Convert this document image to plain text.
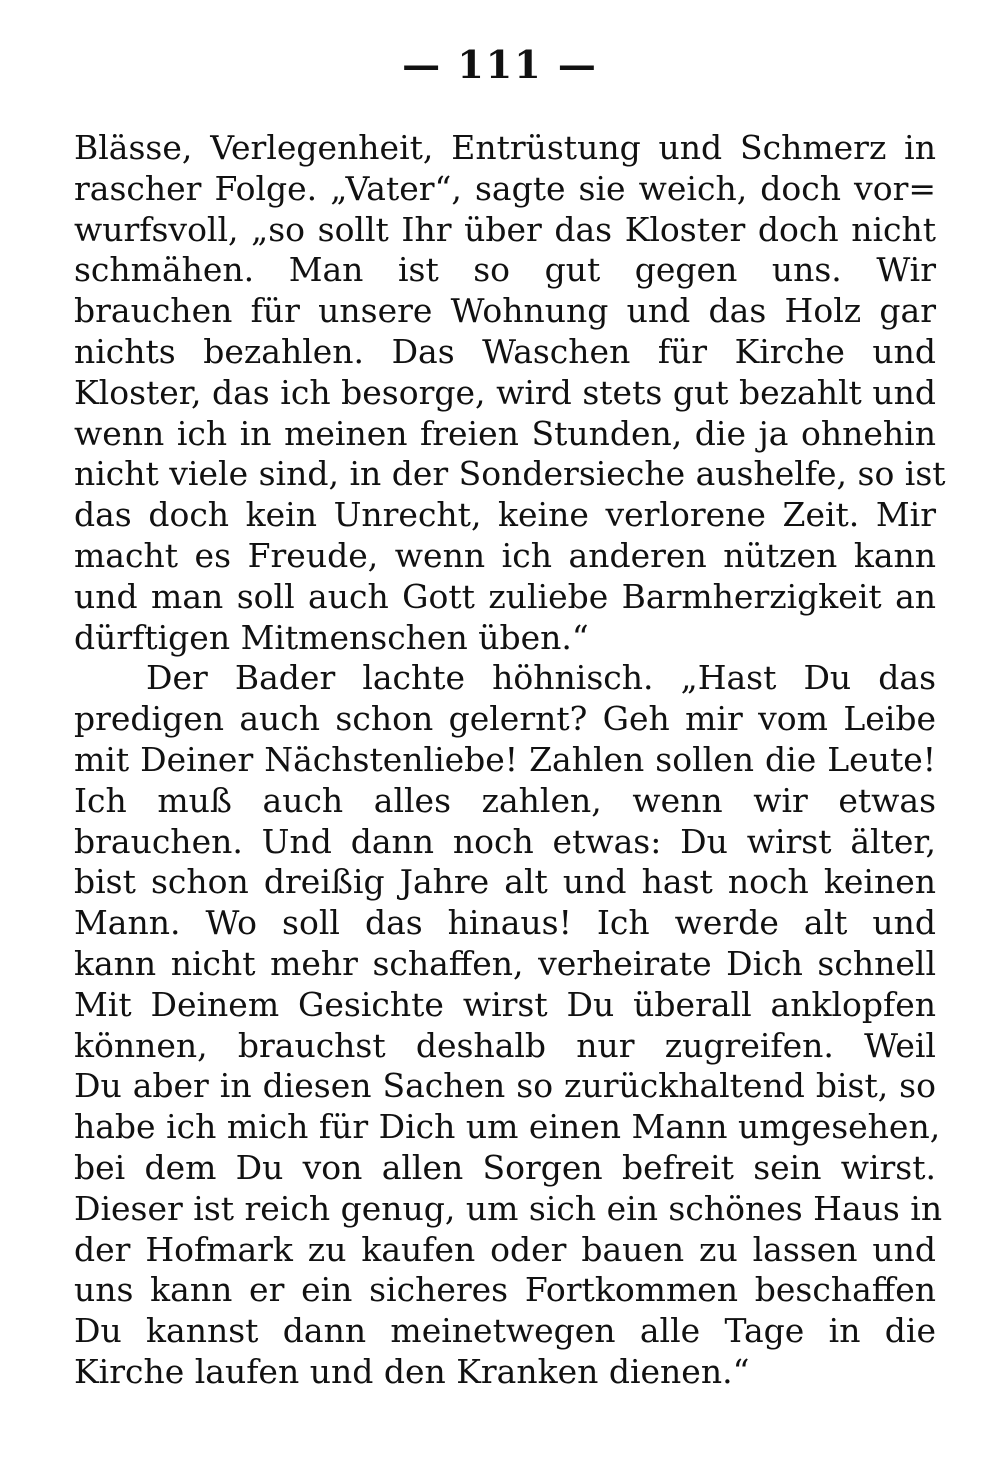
— 111 —
Blässe, Verlegenheit, Entrüstung und Schmerz in
rascher Folge. „Vater“, sagte sie weich, doch vor=
wurfsvoll, „so sollt Ihr über das Kloster doch nicht
schmähen. Man ist so gut gegen uns. Wir
brauchen für unsere Wohnung und das Holz gar
nichts bezahlen. Das Waschen für Kirche und
Kloster, das ich besorge, wird stets gut bezahlt und
wenn ich in meinen freien Stunden, die ja ohnehin
nicht viele sind, in der Sondersieche aushelfe, so ist
das doch kein Unrecht, keine verlorene Zeit. Mir
macht es Freude, wenn ich anderen nützen kann
und man soll auch Gott zuliebe Barmherzigkeit an
dürftigen Mitmenschen üben.“
Der Bader lachte höhnisch. „Hast Du das
predigen auch schon gelernt? Geh mir vom Leibe
mit Deiner Nächstenliebe! Zahlen sollen die Leute!
Ich muß auch alles zahlen, wenn wir etwas
brauchen. Und dann noch etwas: Du wirst älter,
bist schon dreißig Jahre alt und hast noch keinen
Mann. Wo soll das hinaus! Ich werde alt und
kann nicht mehr schaffen, verheirate Dich schnell
Mit Deinem Gesichte wirst Du überall anklopfen
können, brauchst deshalb nur zugreifen. Weil
Du aber in diesen Sachen so zurückhaltend bist, so
habe ich mich für Dich um einen Mann umgesehen,
bei dem Du von allen Sorgen befreit sein wirst.
Dieser ist reich genug, um sich ein schönes Haus in
der Hofmark zu kaufen oder bauen zu lassen und
uns kann er ein sicheres Fortkommen beschaffen
Du kannst dann meinetwegen alle Tage in die
Kirche laufen und den Kranken dienen.“
